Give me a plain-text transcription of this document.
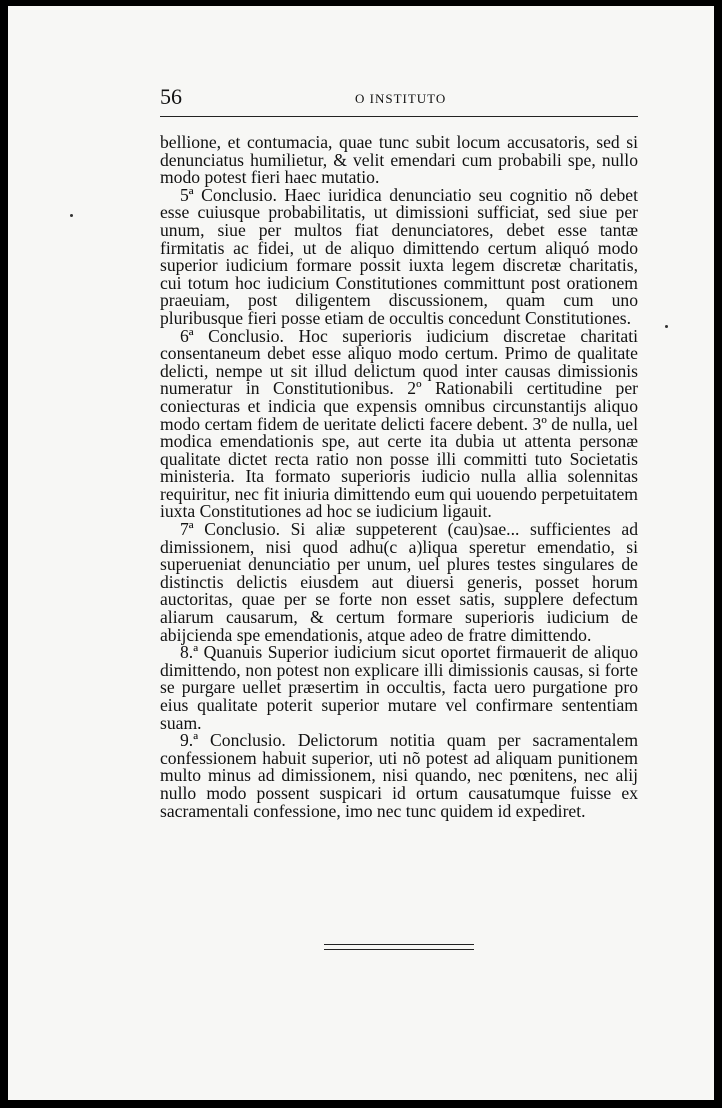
56	O INSTITUTO

bellione, et contumacia, quae tunc subit locum accusatoris, sed si denunciatus humilietur, & velit emendari cum probabili spe, nullo modo potest fieri haec mutatio.

5ª Conclusio. Haec iuridica denunciatio seu cognitio nõ debet esse cuiusque probabilitatis, ut dimissioni sufficiat, sed siue per unum, siue per multos fiat denunciatores, debet esse tantæ firmitatis ac fidei, ut de aliquo dimittendo certum aliquó modo superior iudicium formare possit iuxta legem discretæ charitatis, cui totum hoc iudicium Constitutiones committunt post orationem praeuiam, post diligentem discussionem, quam cum uno pluribusque fieri posse etiam de occultis concedunt Constitutiones.

6ª Conclusio. Hoc superioris iudicium discretae charitati consentaneum debet esse aliquo modo certum. Primo de qualitate delicti, nempe ut sit illud delictum quod inter causas dimissionis numeratur in Constitutionibus. 2º Rationabili certitudine per coniecturas et indicia que expensis omnibus circunstantijs aliquo modo certam fidem de ueritate delicti facere debent. 3º de nulla, uel modica emendationis spe, aut certe ita dubia ut attenta personæ qualitate dictet recta ratio non posse illi committi tuto Societatis ministeria. Ita formato superioris iudicio nulla allia solennitas requiritur, nec fit iniuria dimittendo eum qui uouendo perpetuitatem iuxta Constitutiones ad hoc se iudicium ligauit.

7ª Conclusio. Si aliæ suppeterent (cau)sae... sufficientes ad dimissionem, nisi quod adhu(c a)liqua speretur emendatio, si superueniat denunciatio per unum, uel plures testes singulares de distinctis delictis eiusdem aut diuersi generis, posset horum auctoritas, quae per se forte non esset satis, supplere defectum aliarum causarum, & certum formare superioris iudicium de abijcienda spe emendationis, atque adeo de fratre dimittendo.

8.ª Quanuis Superior iudicium sicut oportet firmauerit de aliquo dimittendo, non potest non explicare illi dimissionis causas, si forte se purgare uellet præsertim in occultis, facta uero purgatione pro eius qualitate poterit superior mutare vel confirmare sententiam suam.

9.ª Conclusio. Delictorum notitia quam per sacramentalem confessionem habuit superior, uti nõ potest ad aliquam punitionem multo minus ad dimissionem, nisi quando, nec pœnitens, nec alij nullo modo possent suspicari id ortum causatumque fuisse ex sacramentali confessione, imo nec tunc quidem id expediret.
